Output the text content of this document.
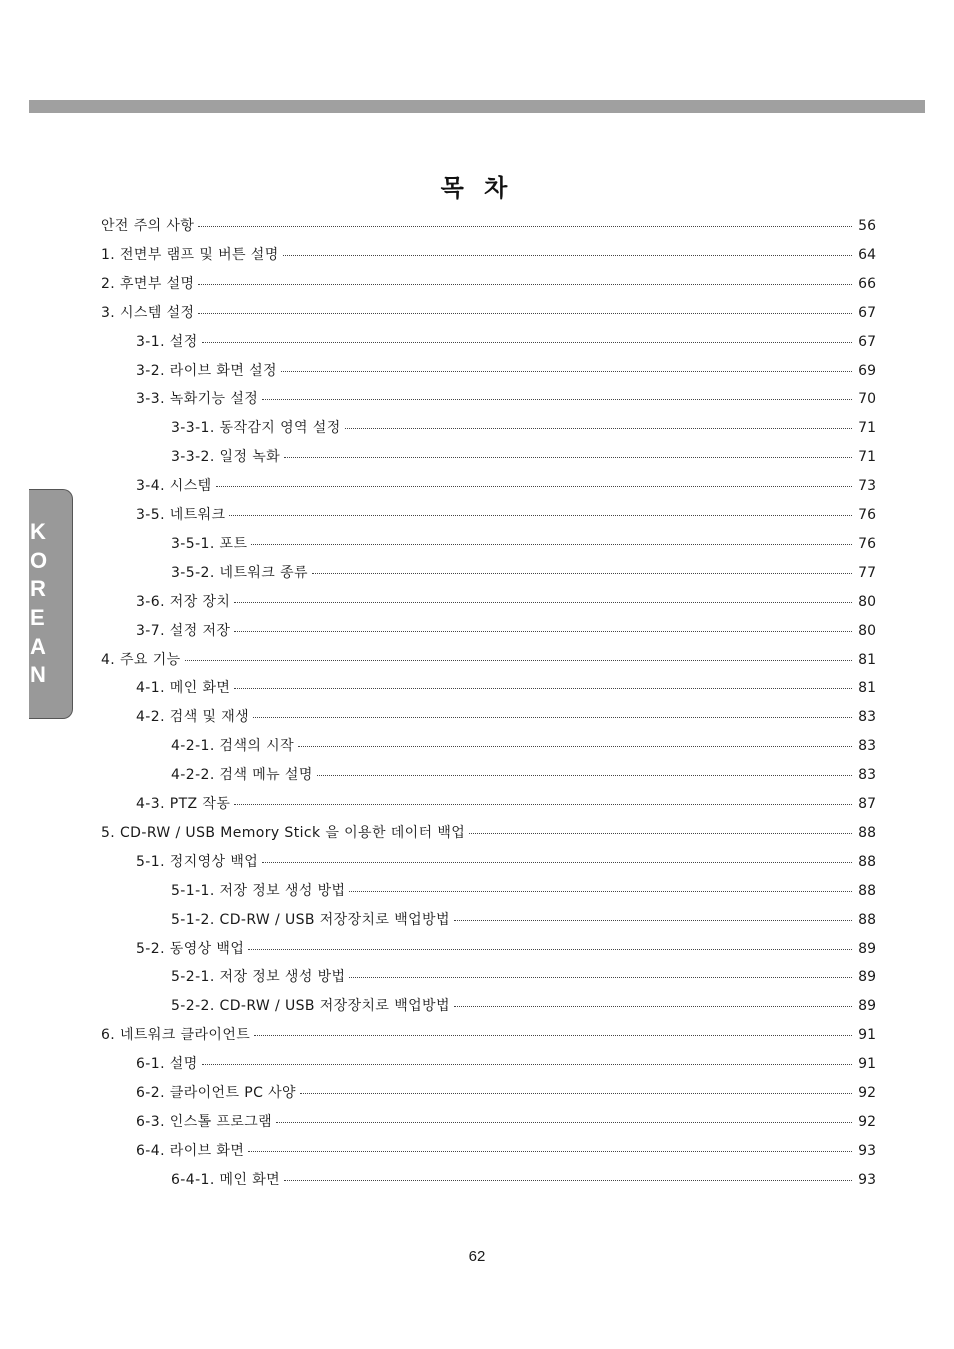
목 차
K
O
R
E
A
N
안전 주의 사항	56
1. 전면부 램프 및 버튼 설명	64
2. 후면부 설명	66
3. 시스템 설정	67
3-1. 설정	67
3-2. 라이브 화면 설정	69
3-3. 녹화기능 설정	70
3-3-1. 동작감지 영역 설정	71
3-3-2. 일정 녹화	71
3-4. 시스템	73
3-5. 네트워크	76
3-5-1. 포트	76
3-5-2. 네트워크 종류	77
3-6. 저장 장치	80
3-7. 설정 저장	80
4. 주요 기능	81
4-1. 메인 화면	81
4-2. 검색 및 재생	83
4-2-1. 검색의 시작	83
4-2-2. 검색 메뉴 설명	83
4-3. PTZ 작동	87
5. CD-RW / USB Memory Stick 을 이용한 데이터 백업	88
5-1. 정지영상 백업	88
5-1-1. 저장 정보 생성 방법	88
5-1-2. CD-RW / USB 저장장치로 백업방법	88
5-2. 동영상 백업	89
5-2-1. 저장 정보 생성 방법	89
5-2-2. CD-RW / USB 저장장치로 백업방법	89
6. 네트워크 클라이언트	91
6-1. 설명	91
6-2. 클라이언트 PC 사양	92
6-3. 인스톨 프로그램	92
6-4. 라이브 화면	93
6-4-1. 메인 화면	93
62
